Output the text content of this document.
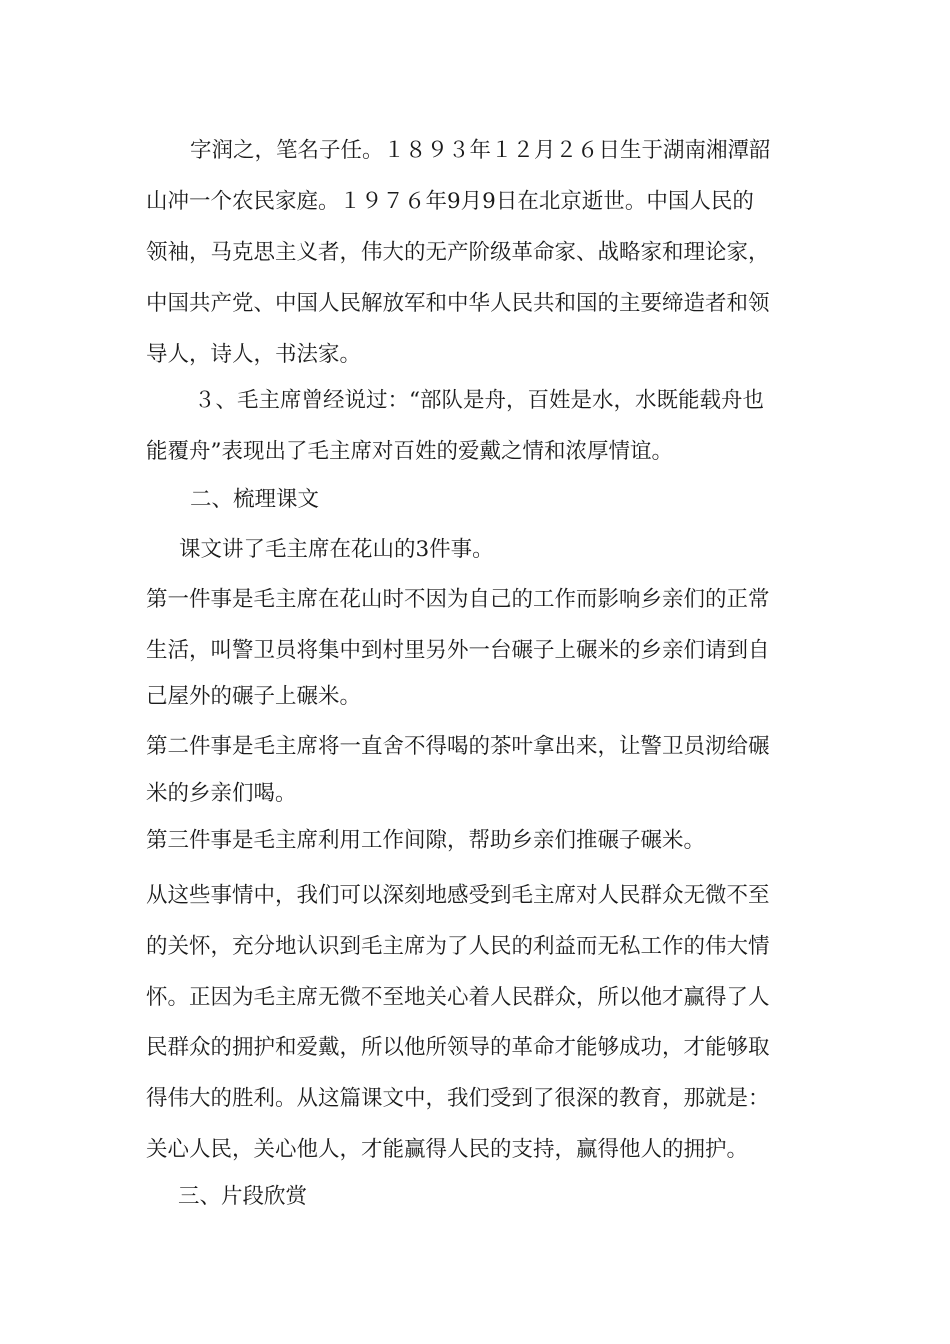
字润之，笔名子任。１８９３年１２月２６日生于湖南湘潭韶
山冲一个农民家庭。１９７６年9月9日在北京逝世。中国人民的
领袖，马克思主义者，伟大的无产阶级革命家、战略家和理论家，
中国共产党、中国人民解放军和中华人民共和国的主要缔造者和领
导人，诗人，书法家。
３、毛主席曾经说过：“部队是舟，百姓是水，水既能载舟也
能覆舟”表现出了毛主席对百姓的爱戴之情和浓厚情谊。
二、梳理课文
课文讲了毛主席在花山的3件事。
第一件事是毛主席在花山时不因为自己的工作而影响乡亲们的正常
生活，叫警卫员将集中到村里另外一台碾子上碾米的乡亲们请到自
己屋外的碾子上碾米。
第二件事是毛主席将一直舍不得喝的茶叶拿出来，让警卫员沏给碾
米的乡亲们喝。
第三件事是毛主席利用工作间隙，帮助乡亲们推碾子碾米。
从这些事情中，我们可以深刻地感受到毛主席对人民群众无微不至
的关怀，充分地认识到毛主席为了人民的利益而无私工作的伟大情
怀。正因为毛主席无微不至地关心着人民群众，所以他才赢得了人
民群众的拥护和爱戴，所以他所领导的革命才能够成功，才能够取
得伟大的胜利。从这篇课文中，我们受到了很深的教育，那就是：
关心人民，关心他人，才能赢得人民的支持，赢得他人的拥护。
三、片段欣赏
